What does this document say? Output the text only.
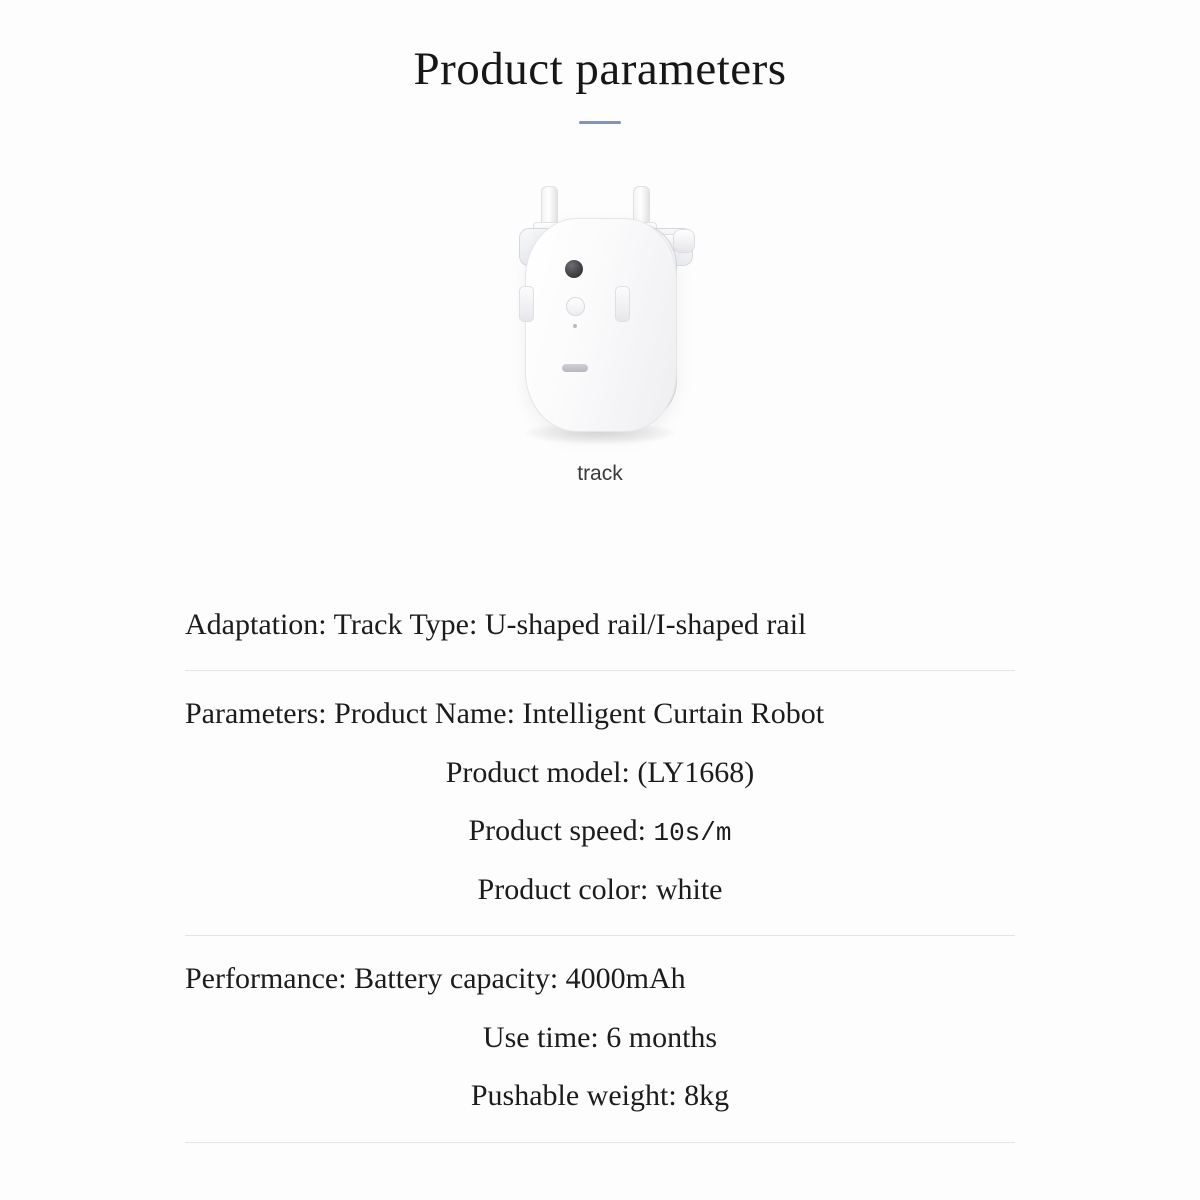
Product parameters
track
Adaptation: Track Type: U-shaped rail/I-shaped rail
Parameters: Product Name: Intelligent Curtain Robot
Product model: (LY1668)
Product speed: 10s/m
Product color: white
Performance: Battery capacity: 4000mAh
Use time: 6 months
Pushable weight: 8kg
